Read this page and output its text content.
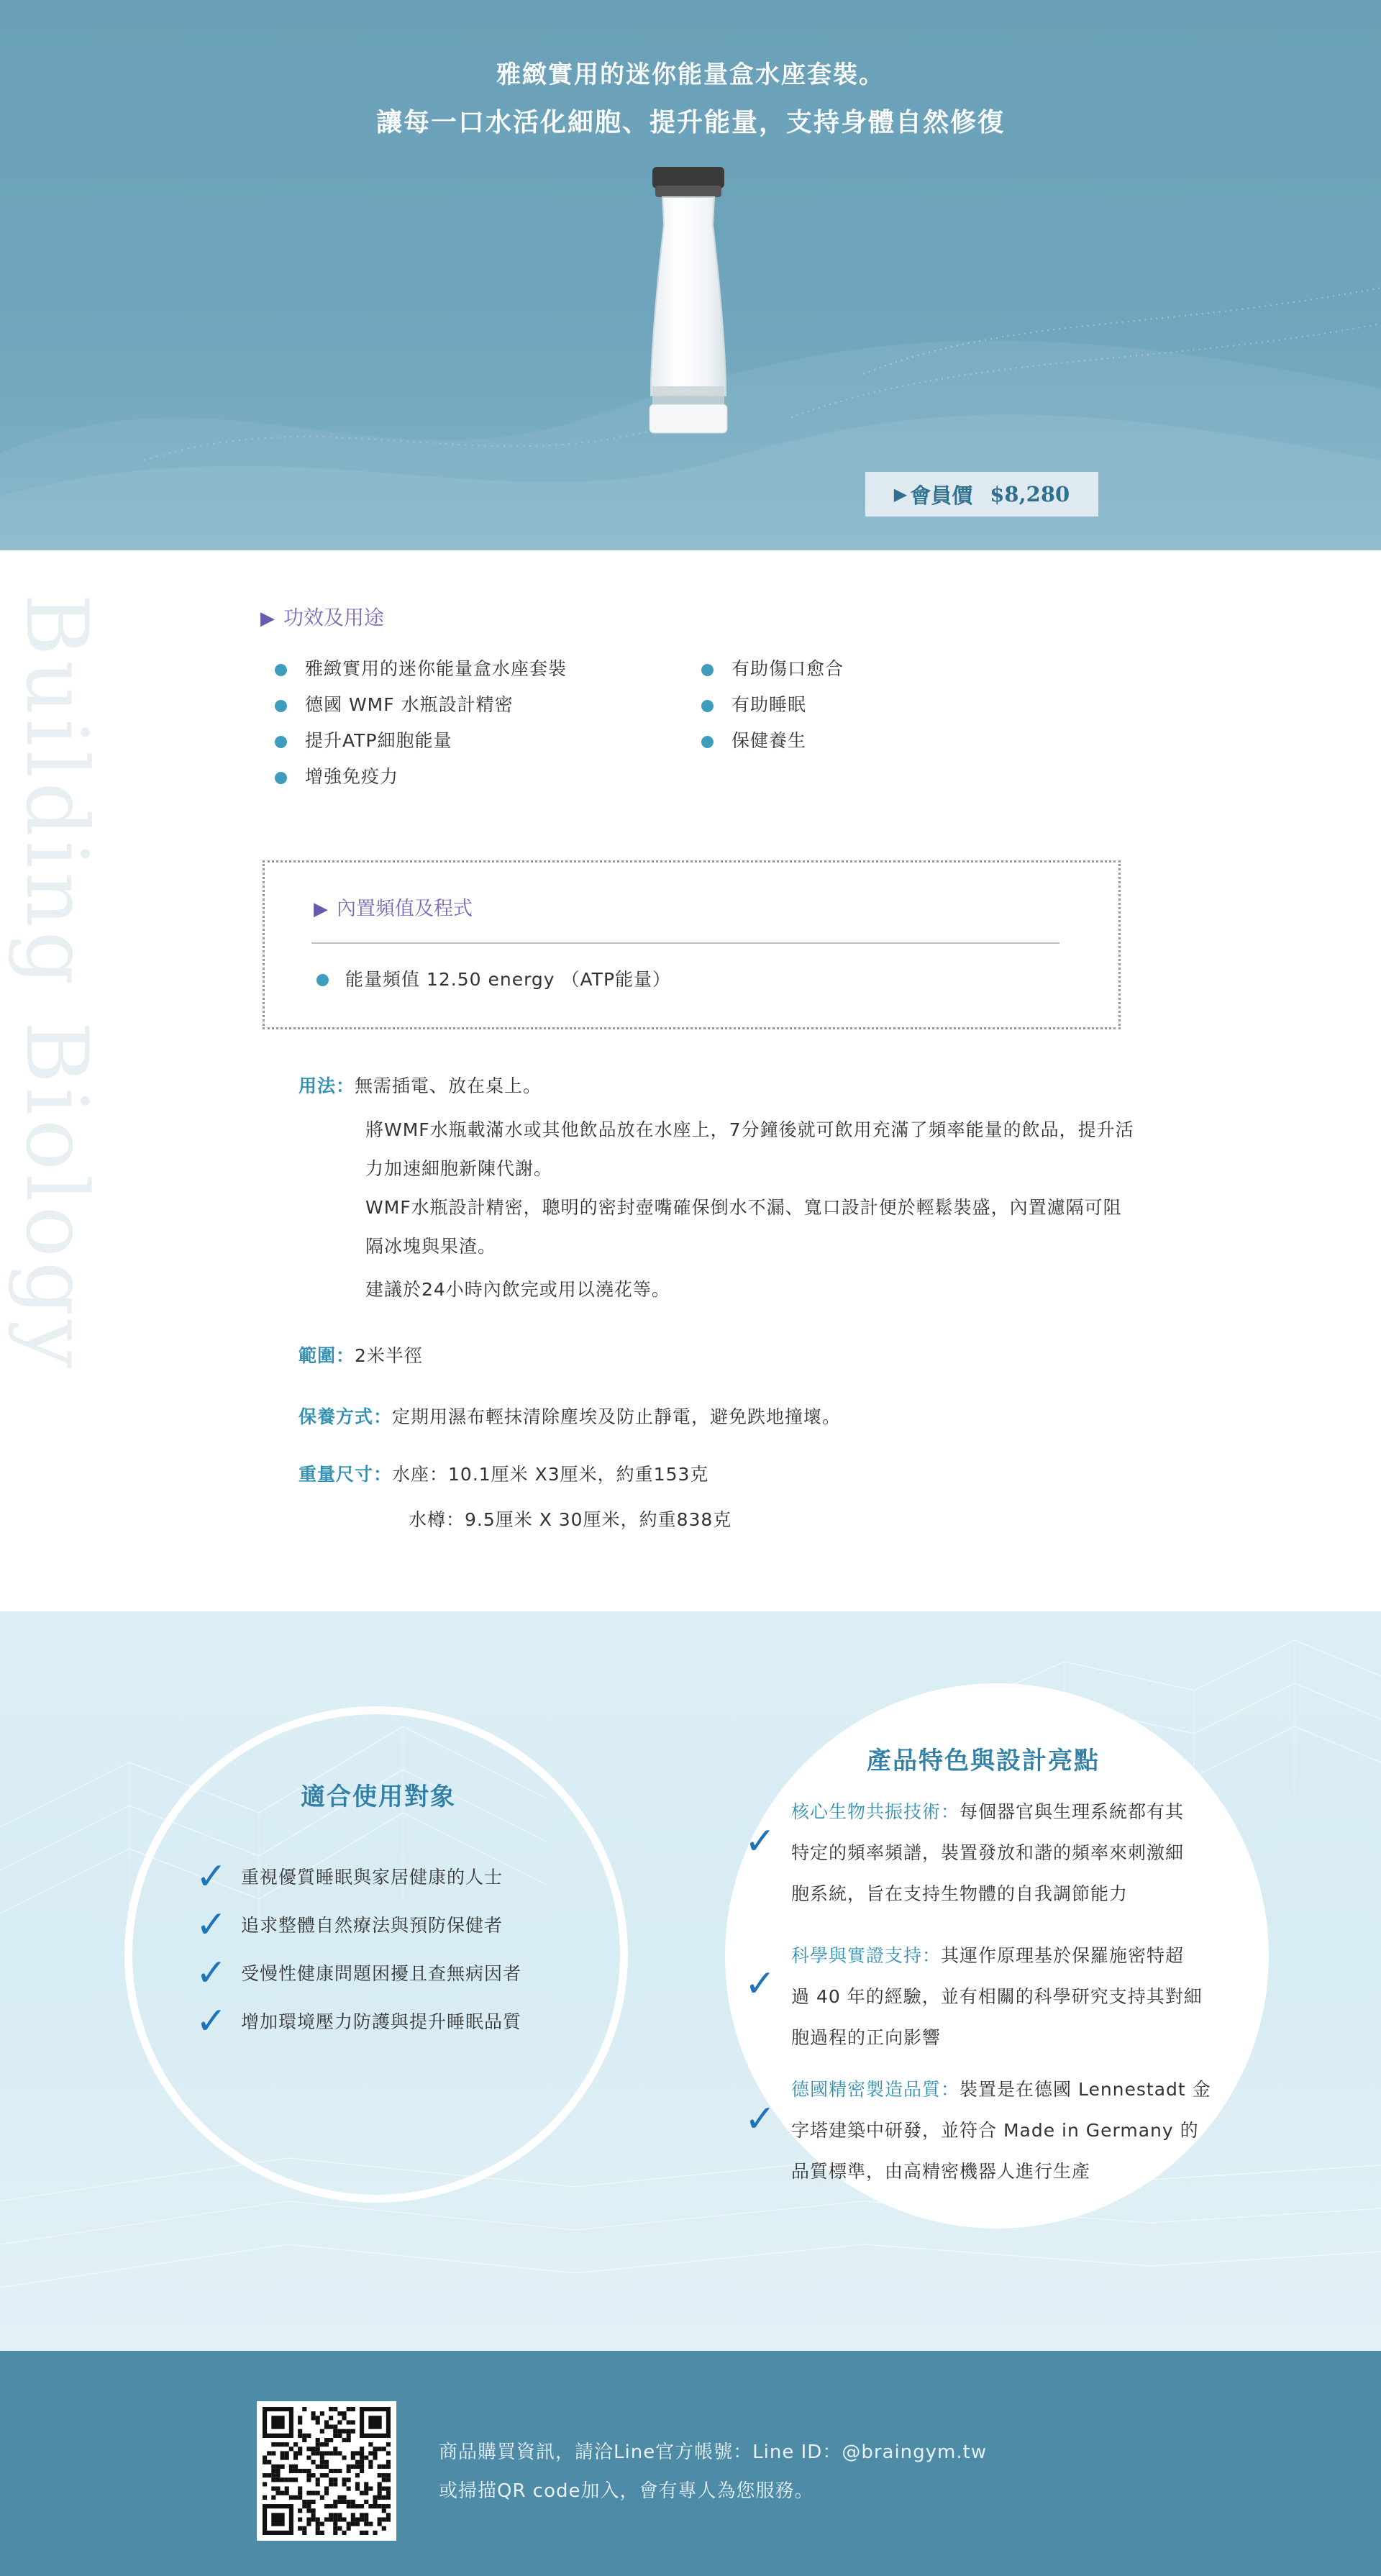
雅緻實用的迷你能量盒水座套裝。
讓每一口水活化細胞、提升能量，支持身體自然修復
▶ 會員價 $8,280
Building Biology	▶ 功效及用途
雅緻實用的迷你能量盒水座套裝
德國 WMF 水瓶設計精密
提升ATP細胞能量
增強免疫力
有助傷口愈合
有助睡眠
保健養生
▶ 內置頻值及程式
能量頻值 12.50 energy （ATP能量）
用法：無需插電、放在桌上。
將WMF水瓶載滿水或其他飲品放在水座上，7分鐘後就可飲用充滿了頻率能量的飲品，提升活力加速細胞新陳代謝。
WMF水瓶設計精密，聰明的密封壺嘴確保倒水不漏、寬口設計便於輕鬆裝盛，內置濾隔可阻隔冰塊與果渣。
建議於24小時內飲完或用以澆花等。
範圍：2米半徑
保養方式：定期用濕布輕抹清除塵埃及防止靜電，避免跌地撞壞。
重量尺寸：水座：10.1厘米 X3厘米，約重153克
水樽：9.5厘米 X 30厘米，約重838克
適合使用對象
✓ 重視優質睡眠與家居健康的人士
✓ 追求整體自然療法與預防保健者
✓ 受慢性健康問題困擾且查無病因者
✓ 增加環境壓力防護與提升睡眠品質
產品特色與設計亮點
✓
核心生物共振技術：每個器官與生理系統都有其
特定的頻率頻譜，裝置發放和諧的頻率來刺激細
胞系統，旨在支持生物體的自我調節能力
✓
科學與實證支持：其運作原理基於保羅施密特超
過 40 年的經驗，並有相關的科學研究支持其對細
胞過程的正向影響
✓
德國精密製造品質：裝置是在德國 Lennestadt 金
字塔建築中研發，並符合 Made in Germany 的
品質標準，由高精密機器人進行生產
商品購買資訊，請洽Line官方帳號：Line ID：@braingym.tw
或掃描QR code加入，會有專人為您服務。
